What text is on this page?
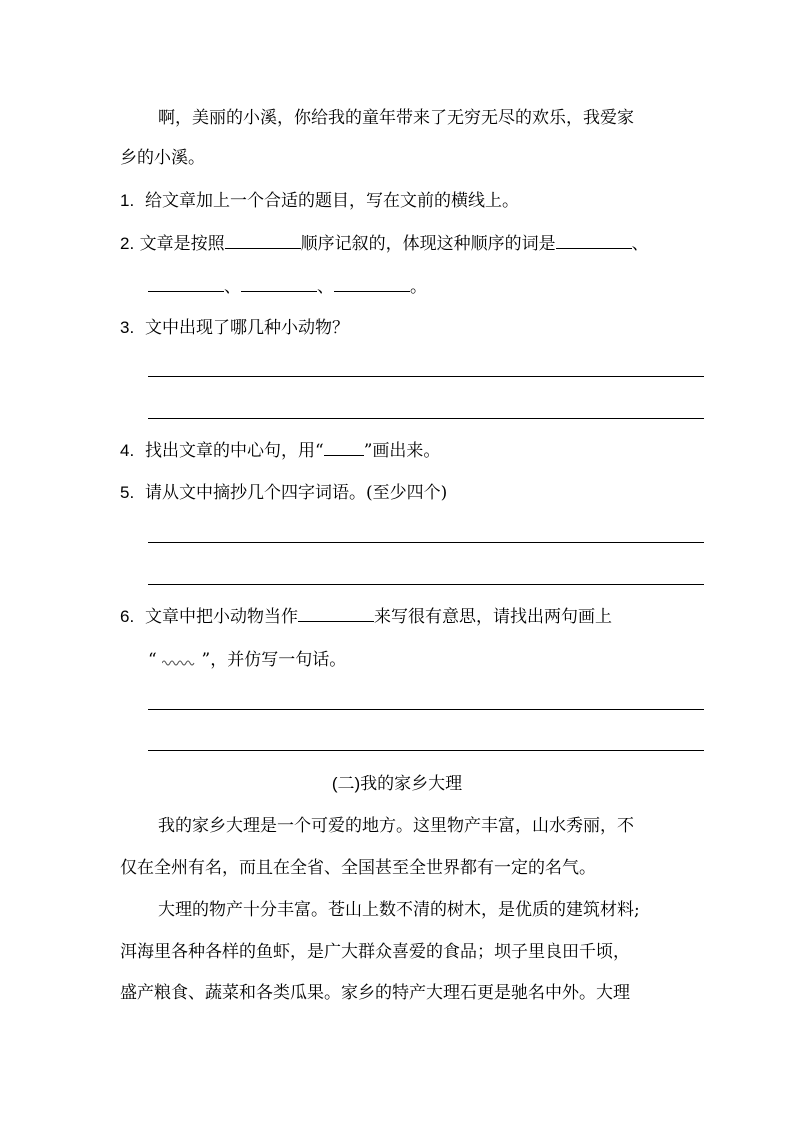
啊，美丽的小溪，你给我的童年带来了无穷无尽的欢乐，我爱家
乡的小溪。
1. 给文章加上一个合适的题目，写在文前的横线上。
2. 文章是按照	顺序记叙的，体现这种顺序的词是	、
、	、	。
3. 文中出现了哪几种小动物？
4. 找出文章的中心句，用“ ”画出来。
5. 请从文中摘抄几个四字词语。(至少四个)
6. 文章中把小动物当作	来写很有意思，请找出两句画上
“	”，并仿写一句话。
(二)我的家乡大理
我的家乡大理是一个可爱的地方。这里物产丰富，山水秀丽，不
仅在全州有名，而且在全省、全国甚至全世界都有一定的名气。
大理的物产十分丰富。苍山上数不清的树木，是优质的建筑材料;
洱海里各种各样的鱼虾，是广大群众喜爱的食品；坝子里良田千顷，
盛产粮食、蔬菜和各类瓜果。家乡的特产大理石更是驰名中外。大理
